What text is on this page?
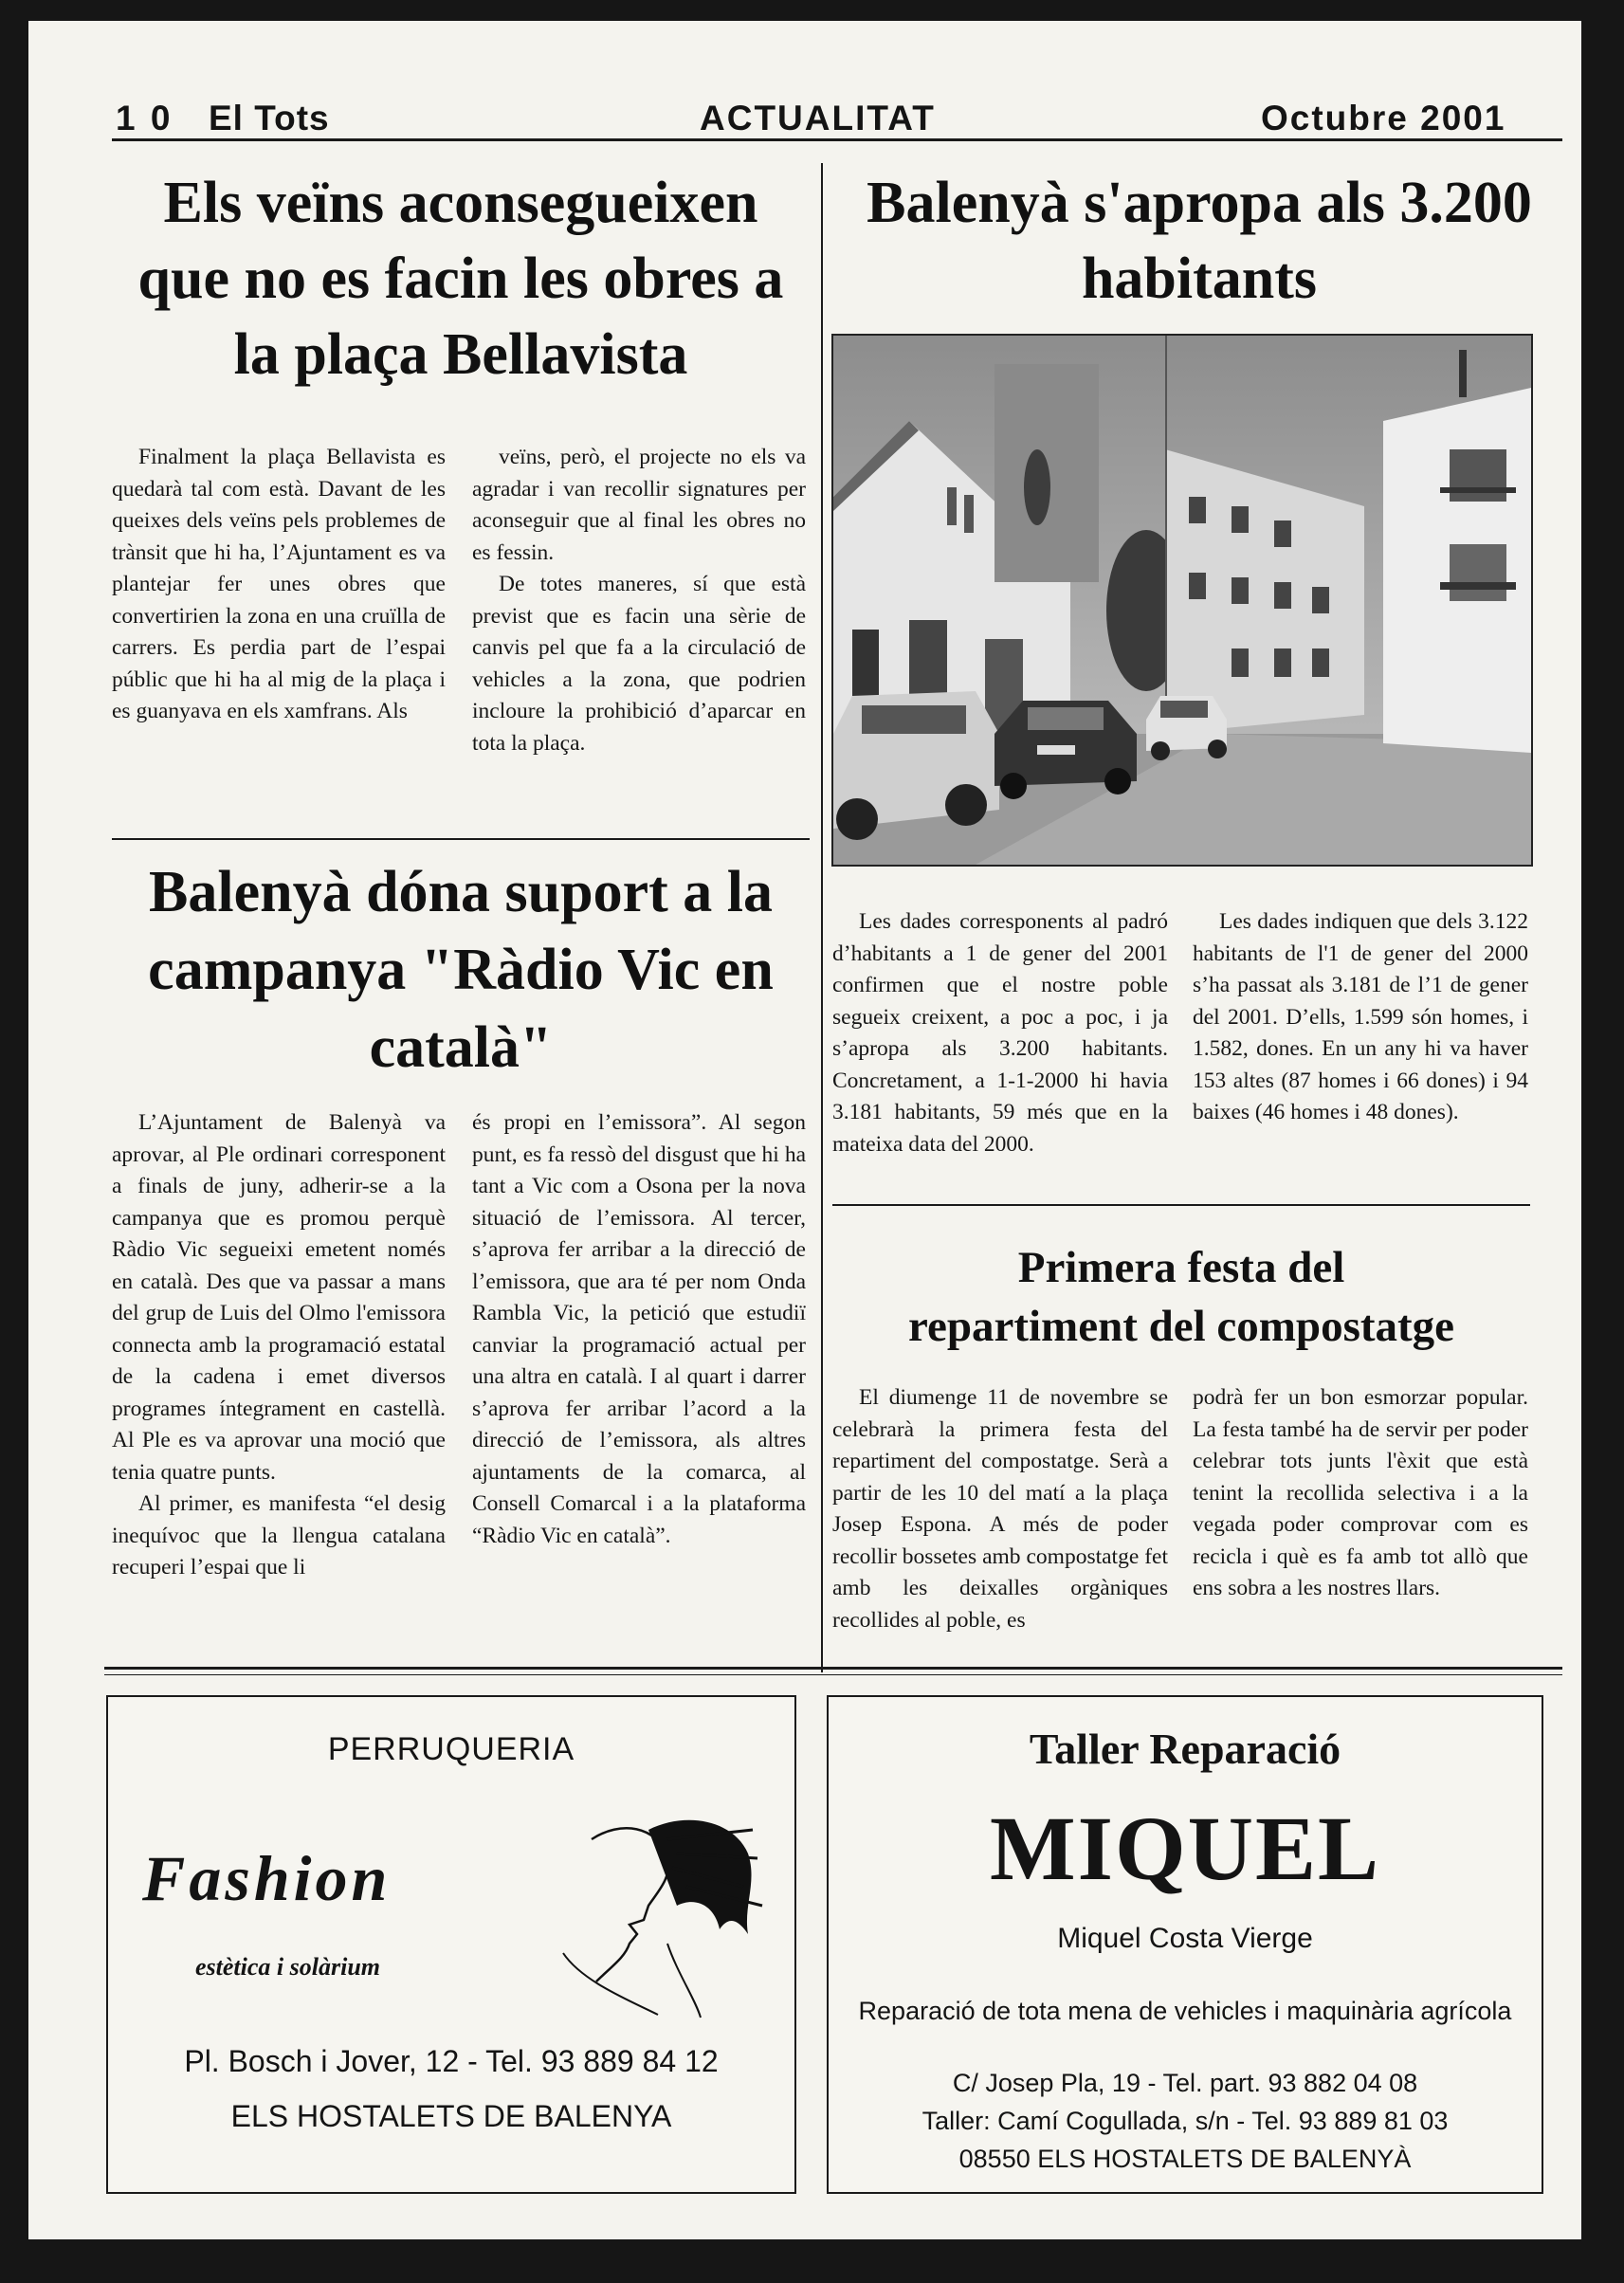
1 0 El Tots	ACTUALITAT	Octubre 2001
Els veïns aconsegueixen que no es facin les obres a la plaça Bellavista

Finalment la plaça Bellavista es quedarà tal com està. Davant de les queixes dels veïns pels problemes de trànsit que hi ha, l’Ajuntament es va plantejar fer unes obres que convertirien la zona en una cruïlla de carrers. Es perdia part de l’espai públic que hi ha al mig de la plaça i es guanyava en els xamfrans. Als

veïns, però, el projecte no els va agradar i van recollir signatures per aconseguir que al final les obres no es fessin.

De totes maneres, sí que està previst que es facin una sèrie de canvis pel que fa a la circulació de vehicles a la zona, que podrien incloure la prohibició d’aparcar en tota la plaça.

Balenyà dóna suport a la campanya "Ràdio Vic en català"

L’Ajuntament de Balenyà va aprovar, al Ple ordinari corresponent a finals de juny, adherir-se a la campanya que es promou perquè Ràdio Vic segueixi emetent només en català. Des que va passar a mans del grup de Luis del Olmo l'emissora connecta amb la programació estatal de la cadena i emet diversos programes íntegrament en castellà. Al Ple es va aprovar una moció que tenia quatre punts.

Al primer, es manifesta “el desig inequívoc que la llengua catalana recuperi l’espai que li

és propi en l’emissora”. Al segon punt, es fa ressò del disgust que hi ha tant a Vic com a Osona per la nova situació de l’emissora. Al tercer, s’aprova fer arribar a la direcció de l’emissora, que ara té per nom Onda Rambla Vic, la petició que estudiï canviar la programació actual per una altra en català. I al quart i darrer s’aprova fer arribar l’acord a la direcció de l’emissora, als altres ajuntaments de la comarca, al Consell Comarcal i a la plataforma “Ràdio Vic en català”.

Balenyà s'apropa als 3.200 habitants

Les dades corresponents al padró d’habitants a 1 de gener del 2001 confirmen que el nostre poble segueix creixent, a poc a poc, i ja s’apropa als 3.200 habitants. Concretament, a 1-1-2000 hi havia 3.181 habitants, 59 més que en la mateixa data del 2000.

Les dades indiquen que dels 3.122 habitants de l'1 de gener del 2000 s’ha passat als 3.181 de l’1 de gener del 2001. D’ells, 1.599 són homes, i 1.582, dones. En un any hi va haver 153 altes (87 homes i 66 dones) i 94 baixes (46 homes i 48 dones).

Primera festa del
repartiment del compostatge

El diumenge 11 de novembre se celebrarà la primera festa del repartiment del compostatge. Serà a partir de les 10 del matí a la plaça Josep Espona. A més de poder recollir bossetes amb compostatge fet amb les deixalles orgàniques recollides al poble, es

podrà fer un bon esmorzar popular. La festa també ha de servir per poder celebrar tots junts l'èxit que està tenint la recollida selectiva i a la vegada poder comprovar com es recicla i què es fa amb tot allò que ens sobra a les nostres llars.

PERRUQUERIA
Fashion
estètica i solàrium
Pl. Bosch i Jover, 12 - Tel. 93 889 84 12
ELS HOSTALETS DE BALENYA
Taller Reparació
MIQUEL
Miquel Costa Vierge
Reparació de tota mena de vehicles i maquinària agrícola
C/ Josep Pla, 19 - Tel. part. 93 882 04 08
Taller: Camí Cogullada, s/n - Tel. 93 889 81 03
08550 ELS HOSTALETS DE BALENYÀ
